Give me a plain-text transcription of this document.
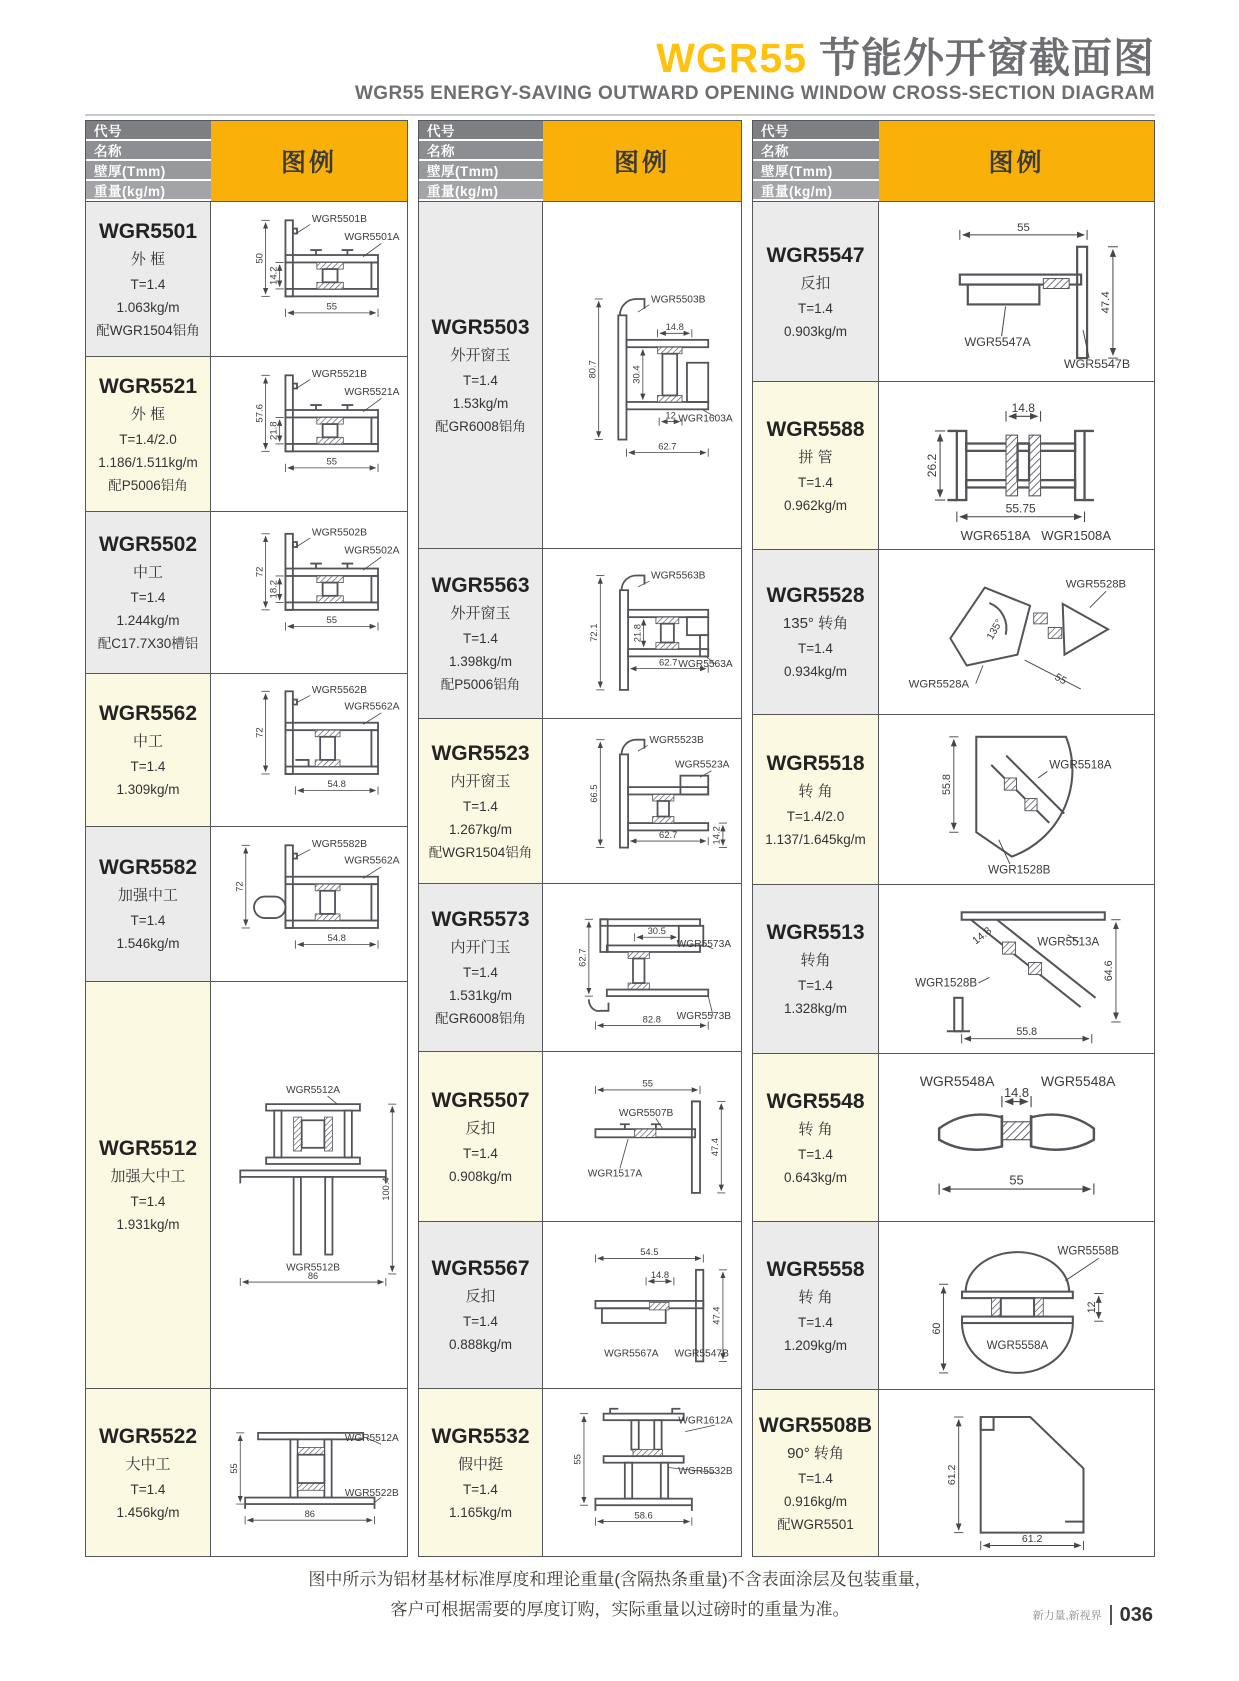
WGR55 节能外开窗截面图
WGR55 ENERGY-SAVING OUTWARD OPENING WINDOW CROSS-SECTION DIAGRAM
代号
名称
壁厚(Tmm)
重量(kg/m)
图例
WGR5501
外 框
T=1.4
1.063kg/m
配WGR1504铝角
50
14.2
55
WGR5501B
WGR5501A
WGR5521
外 框
T=1.4/2.0
1.186/1.511kg/m
配P5006铝角
57.6
21.8
55
WGR5521B
WGR5521A
WGR5502
中工
T=1.4
1.244kg/m
配C17.7X30槽铝
72
18.2
55
WGR5502B
WGR5502A
WGR5562
中工
T=1.4
1.309kg/m
72
54.8
WGR5562B
WGR5562A
WGR5582
加强中工
T=1.4
1.546kg/m
72
54.8
WGR5582B
WGR5562A
WGR5512
加强大中工
T=1.4
1.931kg/m
100.4
86
WGR5512A
WGR5512B
WGR5522
大中工
T=1.4
1.456kg/m
55
86
WGR5512A
WGR5522B
代号
名称
壁厚(Tmm)
重量(kg/m)
图例
WGR5503
外开窗玉
T=1.4
1.53kg/m
配GR6008铝角
80.7	30.4
14.8
12
62.7
WGR5503B
WGR1603A
WGR5563
外开窗玉
T=1.4
1.398kg/m
配P5006铝角
72.1	21.8
62.7
WGR5563B
WGR5563A
WGR5523
内开窗玉
T=1.4
1.267kg/m
配WGR1504铝角
66.5
62.7	14.2
WGR5523B
WGR5523A
WGR5573
内开门玉
T=1.4
1.531kg/m
配GR6008铝角
30.5
62.7
82.8
WGR5573A
WGR5573B
WGR5507
反扣
T=1.4
0.908kg/m
55
47.4
WGR5507B
WGR1517A
WGR5567
反扣
T=1.4
0.888kg/m
54.5
14.8
47.4
WGR5567A WGR5547B
WGR5532
假中挺
T=1.4
1.165kg/m
55
58.6
WGR1612A
WGR5532B
代号
名称
壁厚(Tmm)
重量(kg/m)
图例
WGR5547
反扣
T=1.4
0.903kg/m
55
47.4
WGR5547A
WGR5547B
WGR5588
拼 管
T=1.4
0.962kg/m
14.8
26.2
55.75
WGR6518A WGR1508A
WGR5528
135° 转角
T=1.4
0.934kg/m
135°
55
WGR5528B
WGR5528A
WGR5518
转 角
T=1.4/2.0
1.137/1.645kg/m
55.8
WGR5518A
WGR1528B
WGR5513
转角
T=1.4
1.328kg/m
14.8
64.6
55.8
WGR5513A
WGR1528B
WGR5548
转 角
T=1.4
0.643kg/m
14.8
55
WGR5548A	WGR5548A
WGR5558
转 角
T=1.4
1.209kg/m
60
12
WGR5558B
WGR5558A
WGR5508B
90° 转角
T=1.4
0.916kg/m
配WGR5501
61.2
61.2
图中所示为铝材基材标准厚度和理论重量(含隔热条重量)不含表面涂层及包装重量，
客户可根据需要的厚度订购，实际重量以过磅时的重量为准。	新力量,新视界 036
